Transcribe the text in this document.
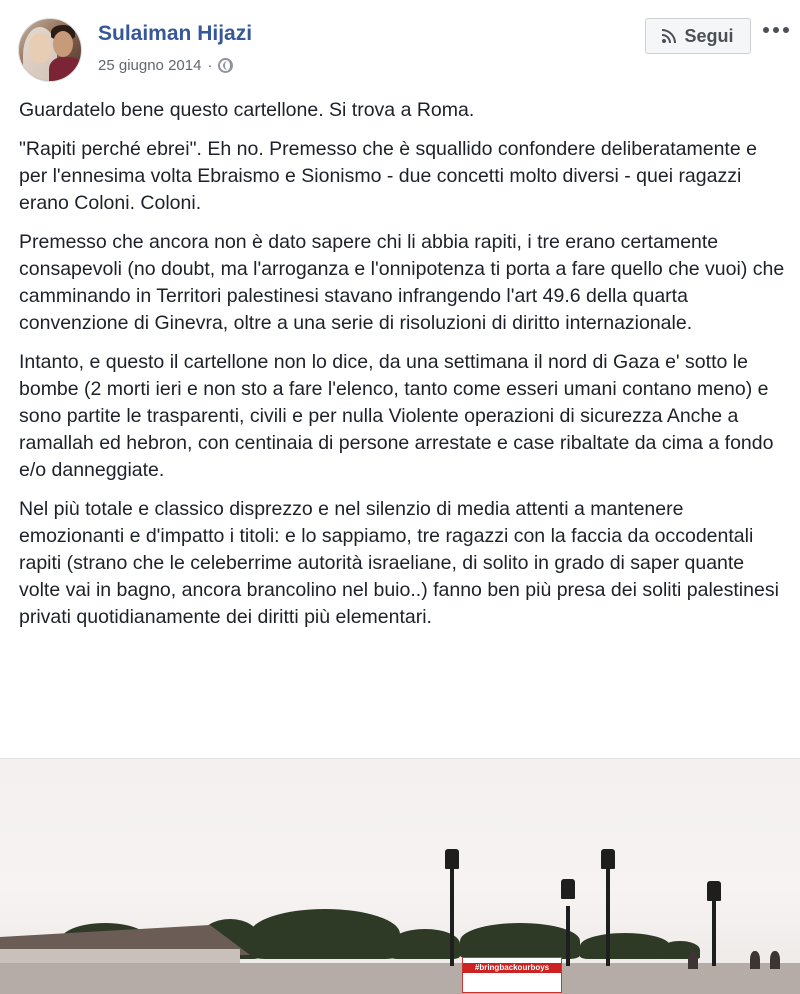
Sulaiman Hijazi
25 giugno 2014 ·
Segui

Guardatelo bene questo cartellone. Si trova a Roma.

"Rapiti perché ebrei". Eh no. Premesso che è squallido confondere deliberatamente e per l'ennesima volta Ebraismo e Sionismo - due concetti molto diversi - quei ragazzi erano Coloni. Coloni.

Premesso che ancora non è dato sapere chi li abbia rapiti, i tre erano certamente consapevoli (no doubt, ma l'arroganza e l'onnipotenza ti porta a fare quello che vuoi) che camminando in Territori palestinesi stavano infrangendo l'art 49.6 della quarta convenzione di Ginevra, oltre a una serie di risoluzioni di diritto internazionale.

Intanto, e questo il cartellone non lo dice, da una settimana il nord di Gaza e' sotto le bombe (2 morti ieri e non sto a fare l'elenco, tanto come esseri umani contano meno) e sono partite le trasparenti, civili e per nulla Violente operazioni di sicurezza Anche a ramallah ed hebron, con centinaia di persone arrestate e case ribaltate da cima a fondo e/o danneggiate.

Nel più totale e classico disprezzo e nel silenzio di media attenti a mantenere emozionanti e d'impatto i titoli: e lo sappiamo, tre ragazzi con la faccia da occodentali rapiti (strano che le celeberrime autorità israeliane, di solito in grado di saper quante volte vai in bagno, ancora brancolino nel buio..) fanno ben più presa dei soliti palestinesi privati quotidianamente dei diritti più elementari.

#bringbackourboys
